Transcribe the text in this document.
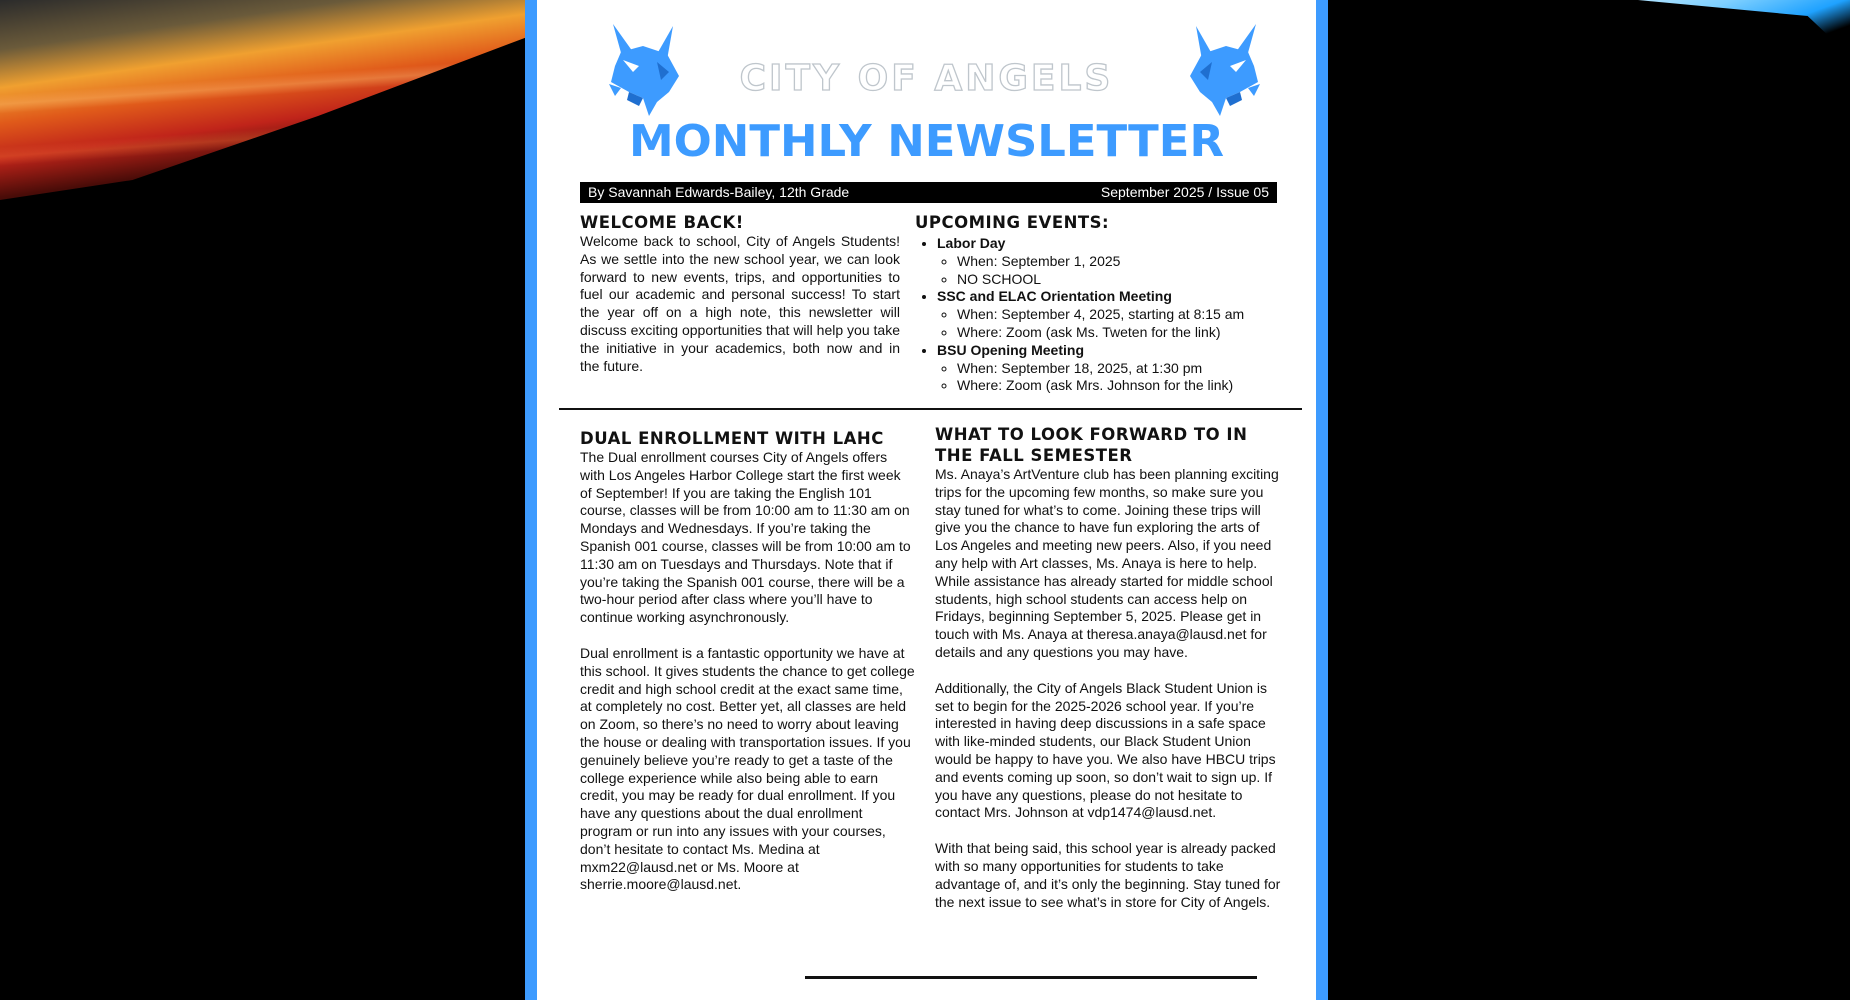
CITY OF ANGELS
MONTHLY NEWSLETTER
By Savannah Edwards-Bailey, 12th Grade	September 2025 / Issue 05
WELCOME BACK!

Welcome back to school, City of Angels Students! As we settle into the new school year, we can look forward to new events, trips, and opportunities to fuel our academic and personal success! To start the year off on a high note, this newsletter will discuss exciting opportunities that will help you take the initiative in your academics, both now and in the future.

UPCOMING EVENTS:
• Labor Day
◦ When: September 1, 2025
◦ NO SCHOOL
• SSC and ELAC Orientation Meeting
◦ When: September 4, 2025, starting at 8:15 am
◦ Where: Zoom (ask Ms. Tweten for the link)
• BSU Opening Meeting
◦ When: September 18, 2025, at 1:30 pm
◦ Where: Zoom (ask Mrs. Johnson for the link)
DUAL ENROLLMENT WITH LAHC

The Dual enrollment courses City of Angels offers with Los Angeles Harbor College start the first week of September! If you are taking the English 101 course, classes will be from 10:00 am to 11:30 am on Mondays and Wednesdays. If you’re taking the Spanish 001 course, classes will be from 10:00 am to 11:30 am on Tuesdays and Thursdays. Note that if you’re taking the Spanish 001 course, there will be a two-hour period after class where you’ll have to continue working asynchronously.

Dual enrollment is a fantastic opportunity we have at this school. It gives students the chance to get college credit and high school credit at the exact same time, at completely no cost. Better yet, all classes are held on Zoom, so there’s no need to worry about leaving the house or dealing with transportation issues. If you genuinely believe you’re ready to get a taste of the college experience while also being able to earn credit, you may be ready for dual enrollment. If you have any questions about the dual enrollment program or run into any issues with your courses, don’t hesitate to contact Ms. Medina at mxm22@lausd.net or Ms. Moore at sherrie.moore@lausd.net.

WHAT TO LOOK FORWARD TO IN THE FALL SEMESTER

Ms. Anaya’s ArtVenture club has been planning exciting trips for the upcoming few months, so make sure you stay tuned for what’s to come. Joining these trips will give you the chance to have fun exploring the arts of Los Angeles and meeting new peers. Also, if you need any help with Art classes, Ms. Anaya is here to help. While assistance has already started for middle school students, high school students can access help on Fridays, beginning September 5, 2025. Please get in touch with Ms. Anaya at theresa.anaya@lausd.net for details and any questions you may have.

Additionally, the City of Angels Black Student Union is set to begin for the 2025-2026 school year. If you’re interested in having deep discussions in a safe space with like-minded students, our Black Student Union would be happy to have you. We also have HBCU trips and events coming up soon, so don’t wait to sign up. If you have any questions, please do not hesitate to contact Mrs. Johnson at vdp1474@lausd.net.

With that being said, this school year is already packed with so many opportunities for students to take advantage of, and it’s only the beginning. Stay tuned for the next issue to see what’s in store for City of Angels.
